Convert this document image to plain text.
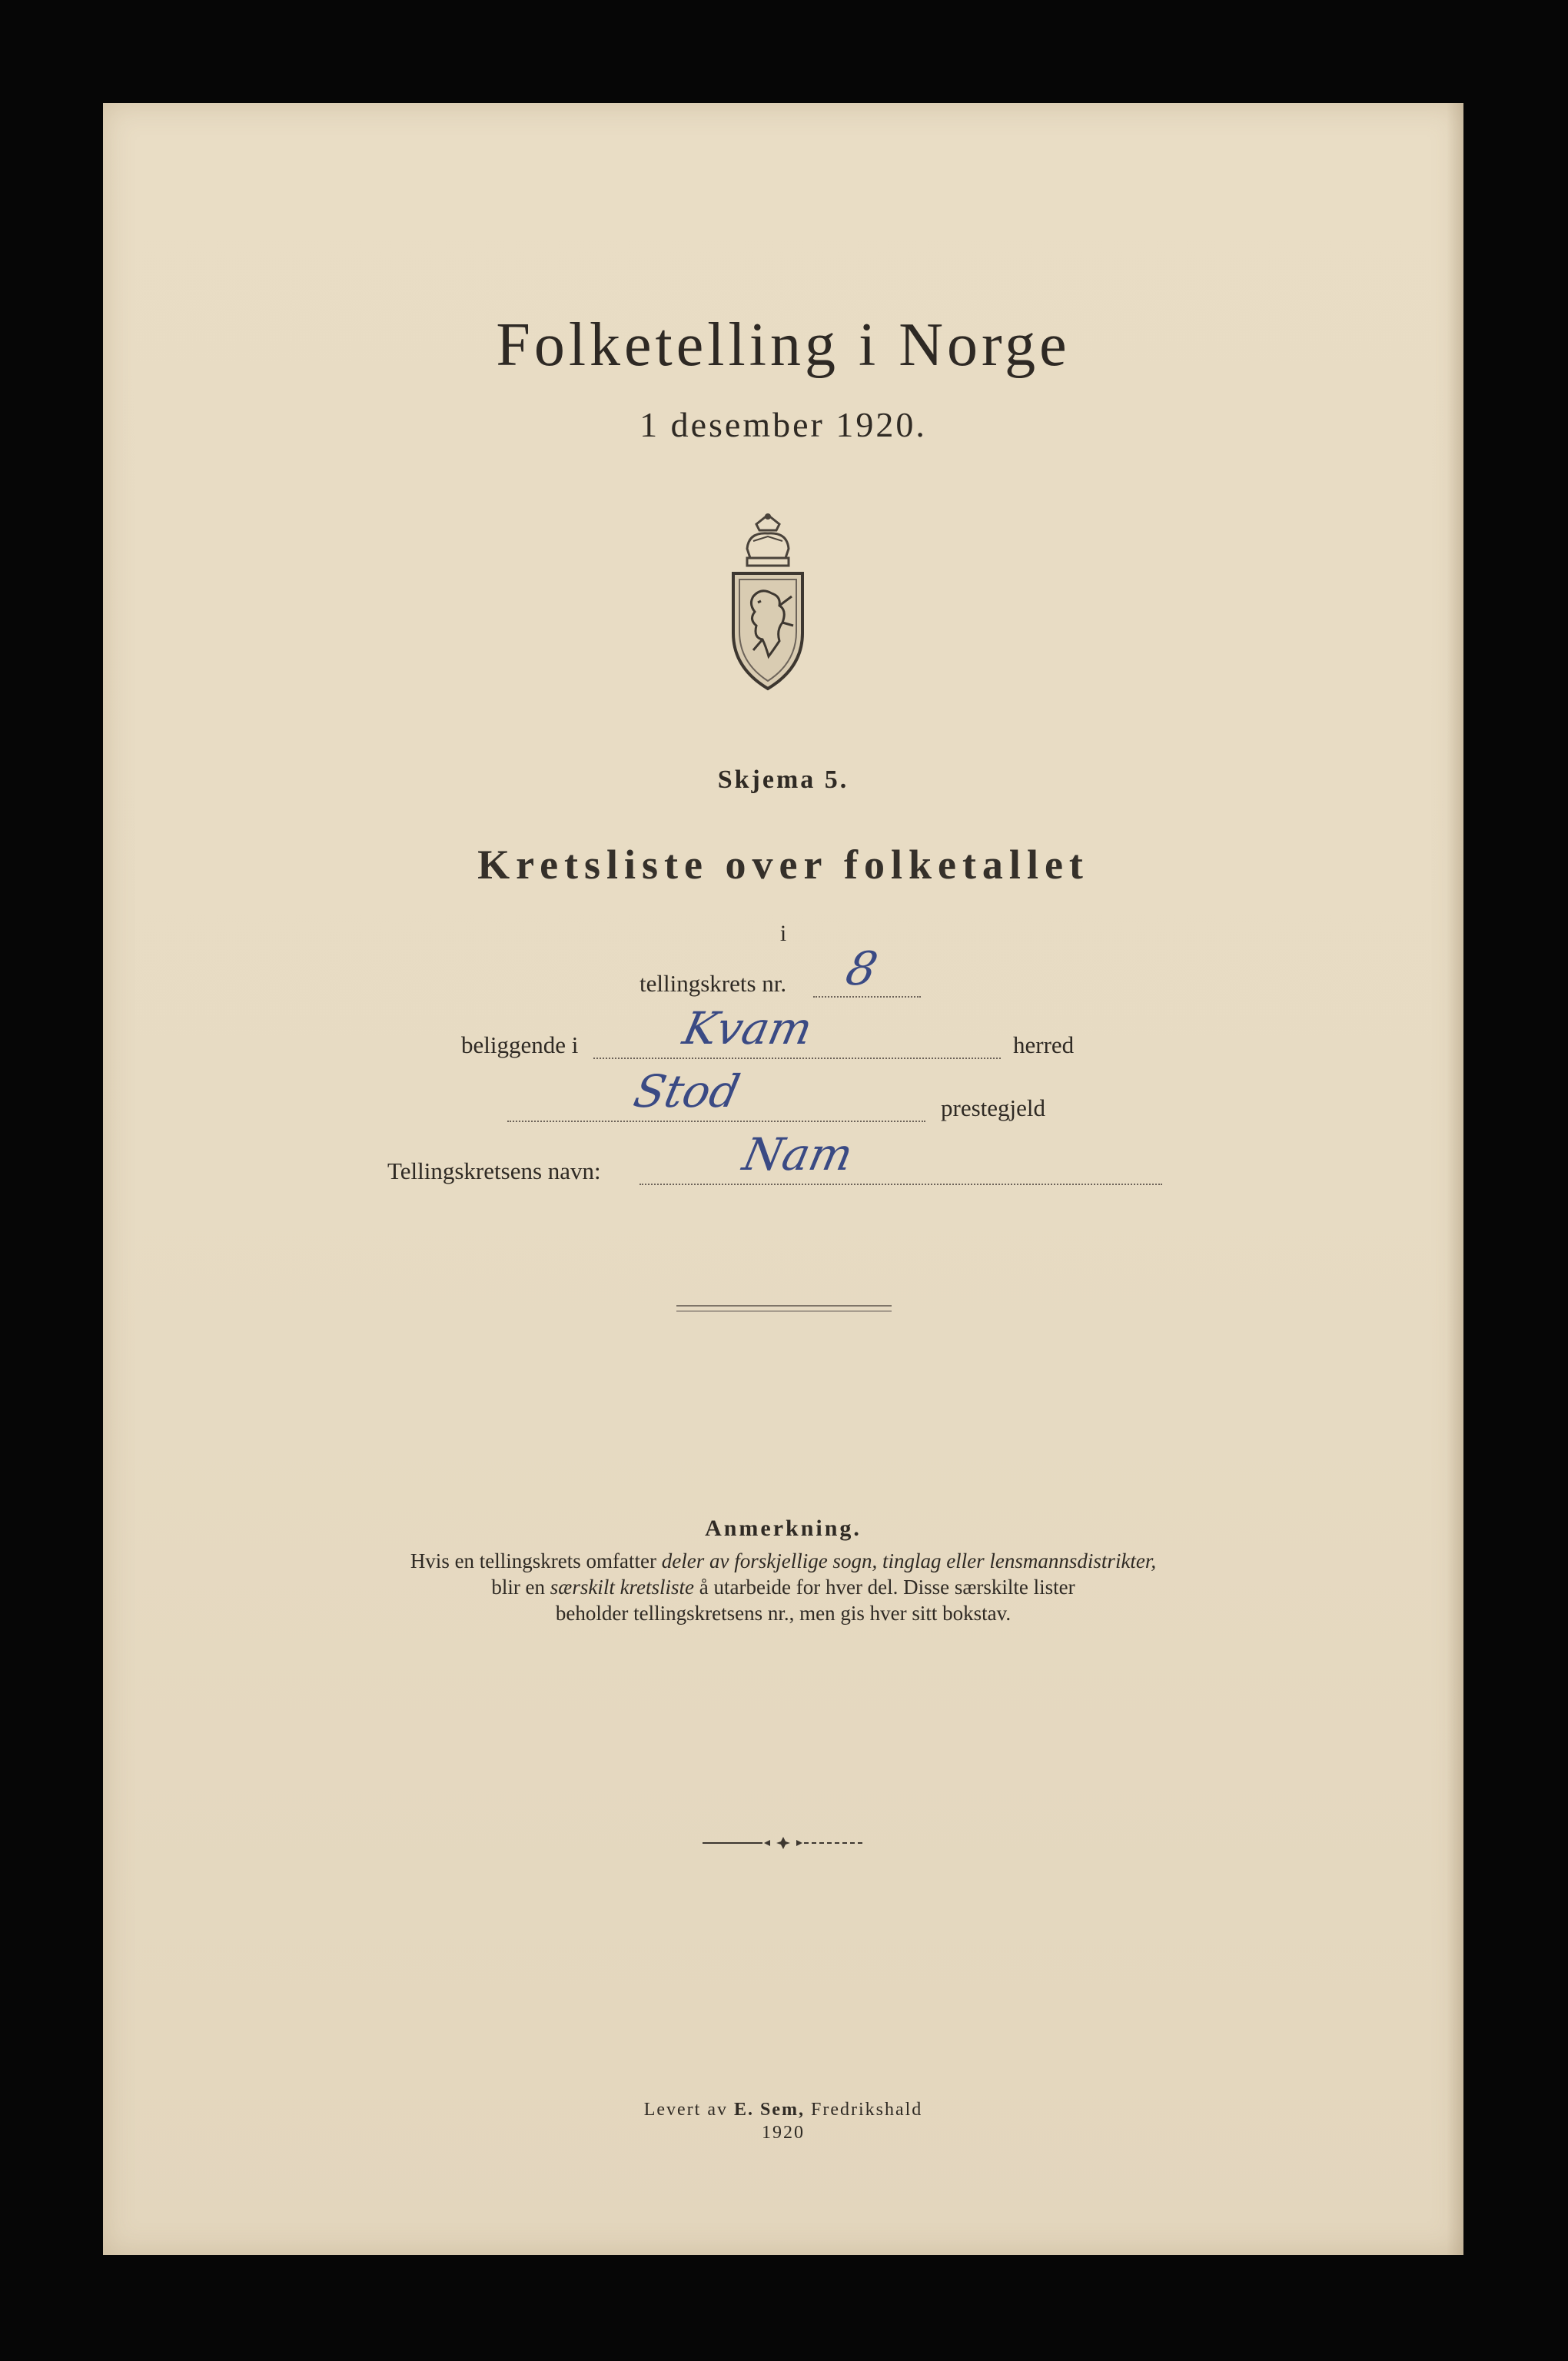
Folketelling i Norge
1 desember 1920.
Skjema 5.
Kretsliste over folketallet
i
tellingskrets nr. 8
beliggende i Kvam	herred
Stod	prestegjeld
Tellingskretsens navn:	Nam
Anmerkning.
Hvis en tellingskrets omfatter deler av forskjellige sogn, tinglag eller lensmannsdistrikter,
blir en særskilt kretsliste å utarbeide for hver del. Disse særskilte lister
beholder tellingskretsens nr., men gis hver sitt bokstav.
Levert av E. Sem, Fredrikshald
1920
